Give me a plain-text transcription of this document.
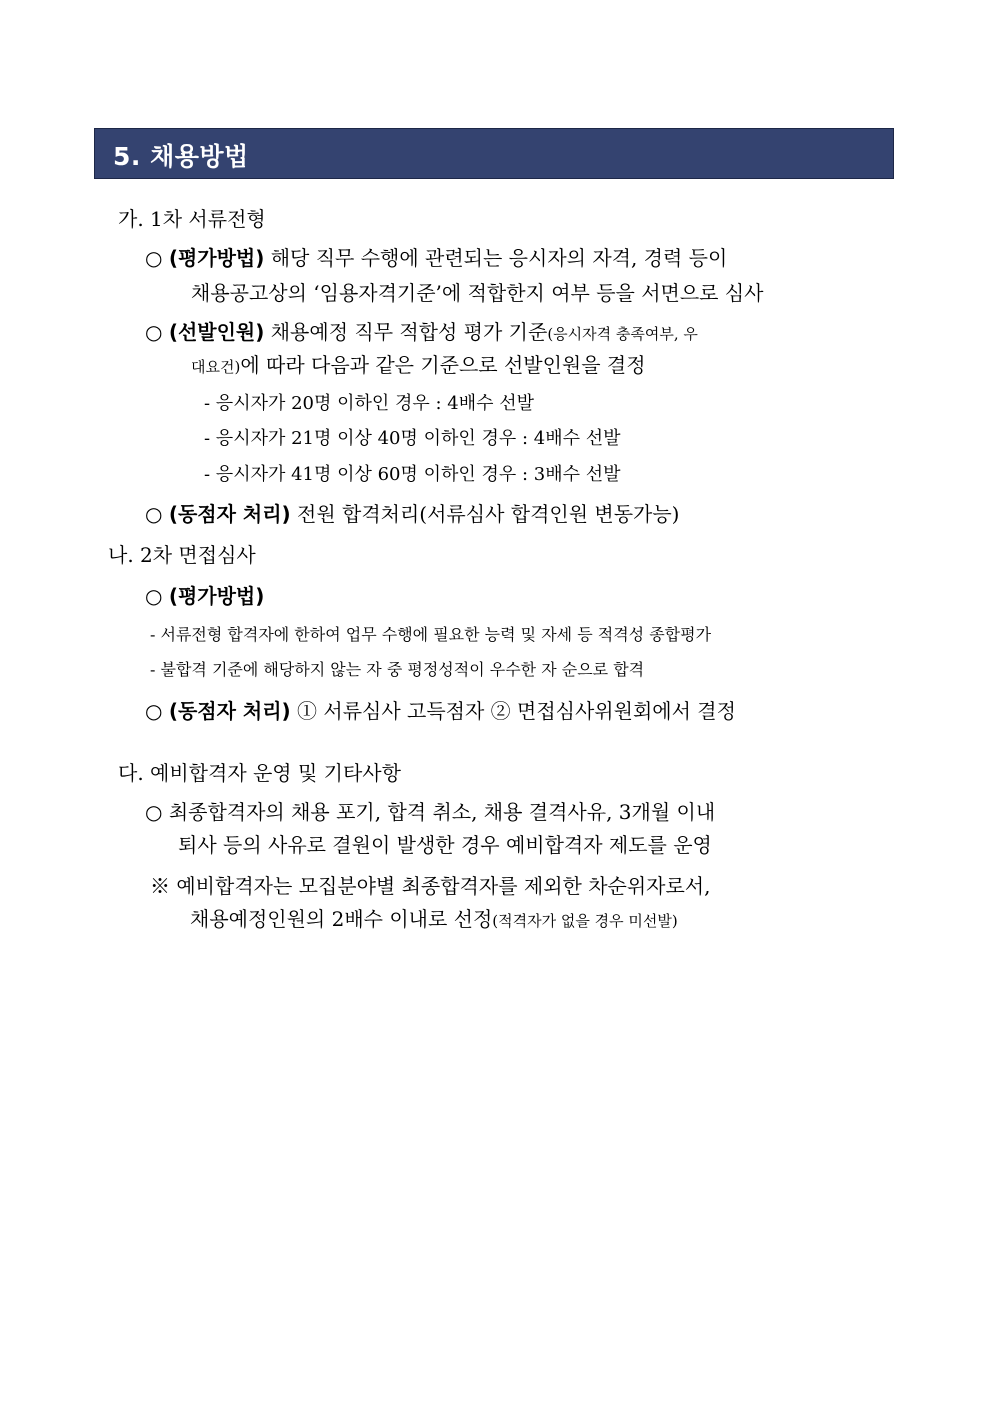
5. 채용방법
가. 1차 서류전형
○ (평가방법) 해당 직무 수행에 관련되는 응시자의 자격, 경력 등이
채용공고상의 ‘임용자격기준’에 적합한지 여부 등을 서면으로 심사
○ (선발인원) 채용예정 직무 적합성 평가 기준(응시자격 충족여부, 우
대요건)에 따라 다음과 같은 기준으로 선발인원을 결정
- 응시자가 20명 이하인 경우 : 4배수 선발
- 응시자가 21명 이상 40명 이하인 경우 : 4배수 선발
- 응시자가 41명 이상 60명 이하인 경우 : 3배수 선발
○ (동점자 처리) 전원 합격처리(서류심사 합격인원 변동가능)
나. 2차 면접심사
○ (평가방법)
- 서류전형 합격자에 한하여 업무 수행에 필요한 능력 및 자세 등 적격성 종합평가
- 불합격 기준에 해당하지 않는 자 중 평정성적이 우수한 자 순으로 합격
○ (동점자 처리) ① 서류심사 고득점자 ② 면접심사위원회에서 결정
다. 예비합격자 운영 및 기타사항
○ 최종합격자의 채용 포기, 합격 취소, 채용 결격사유, 3개월 이내
퇴사 등의 사유로 결원이 발생한 경우 예비합격자 제도를 운영
※ 예비합격자는 모집분야별 최종합격자를 제외한 차순위자로서,
채용예정인원의 2배수 이내로 선정(적격자가 없을 경우 미선발)
